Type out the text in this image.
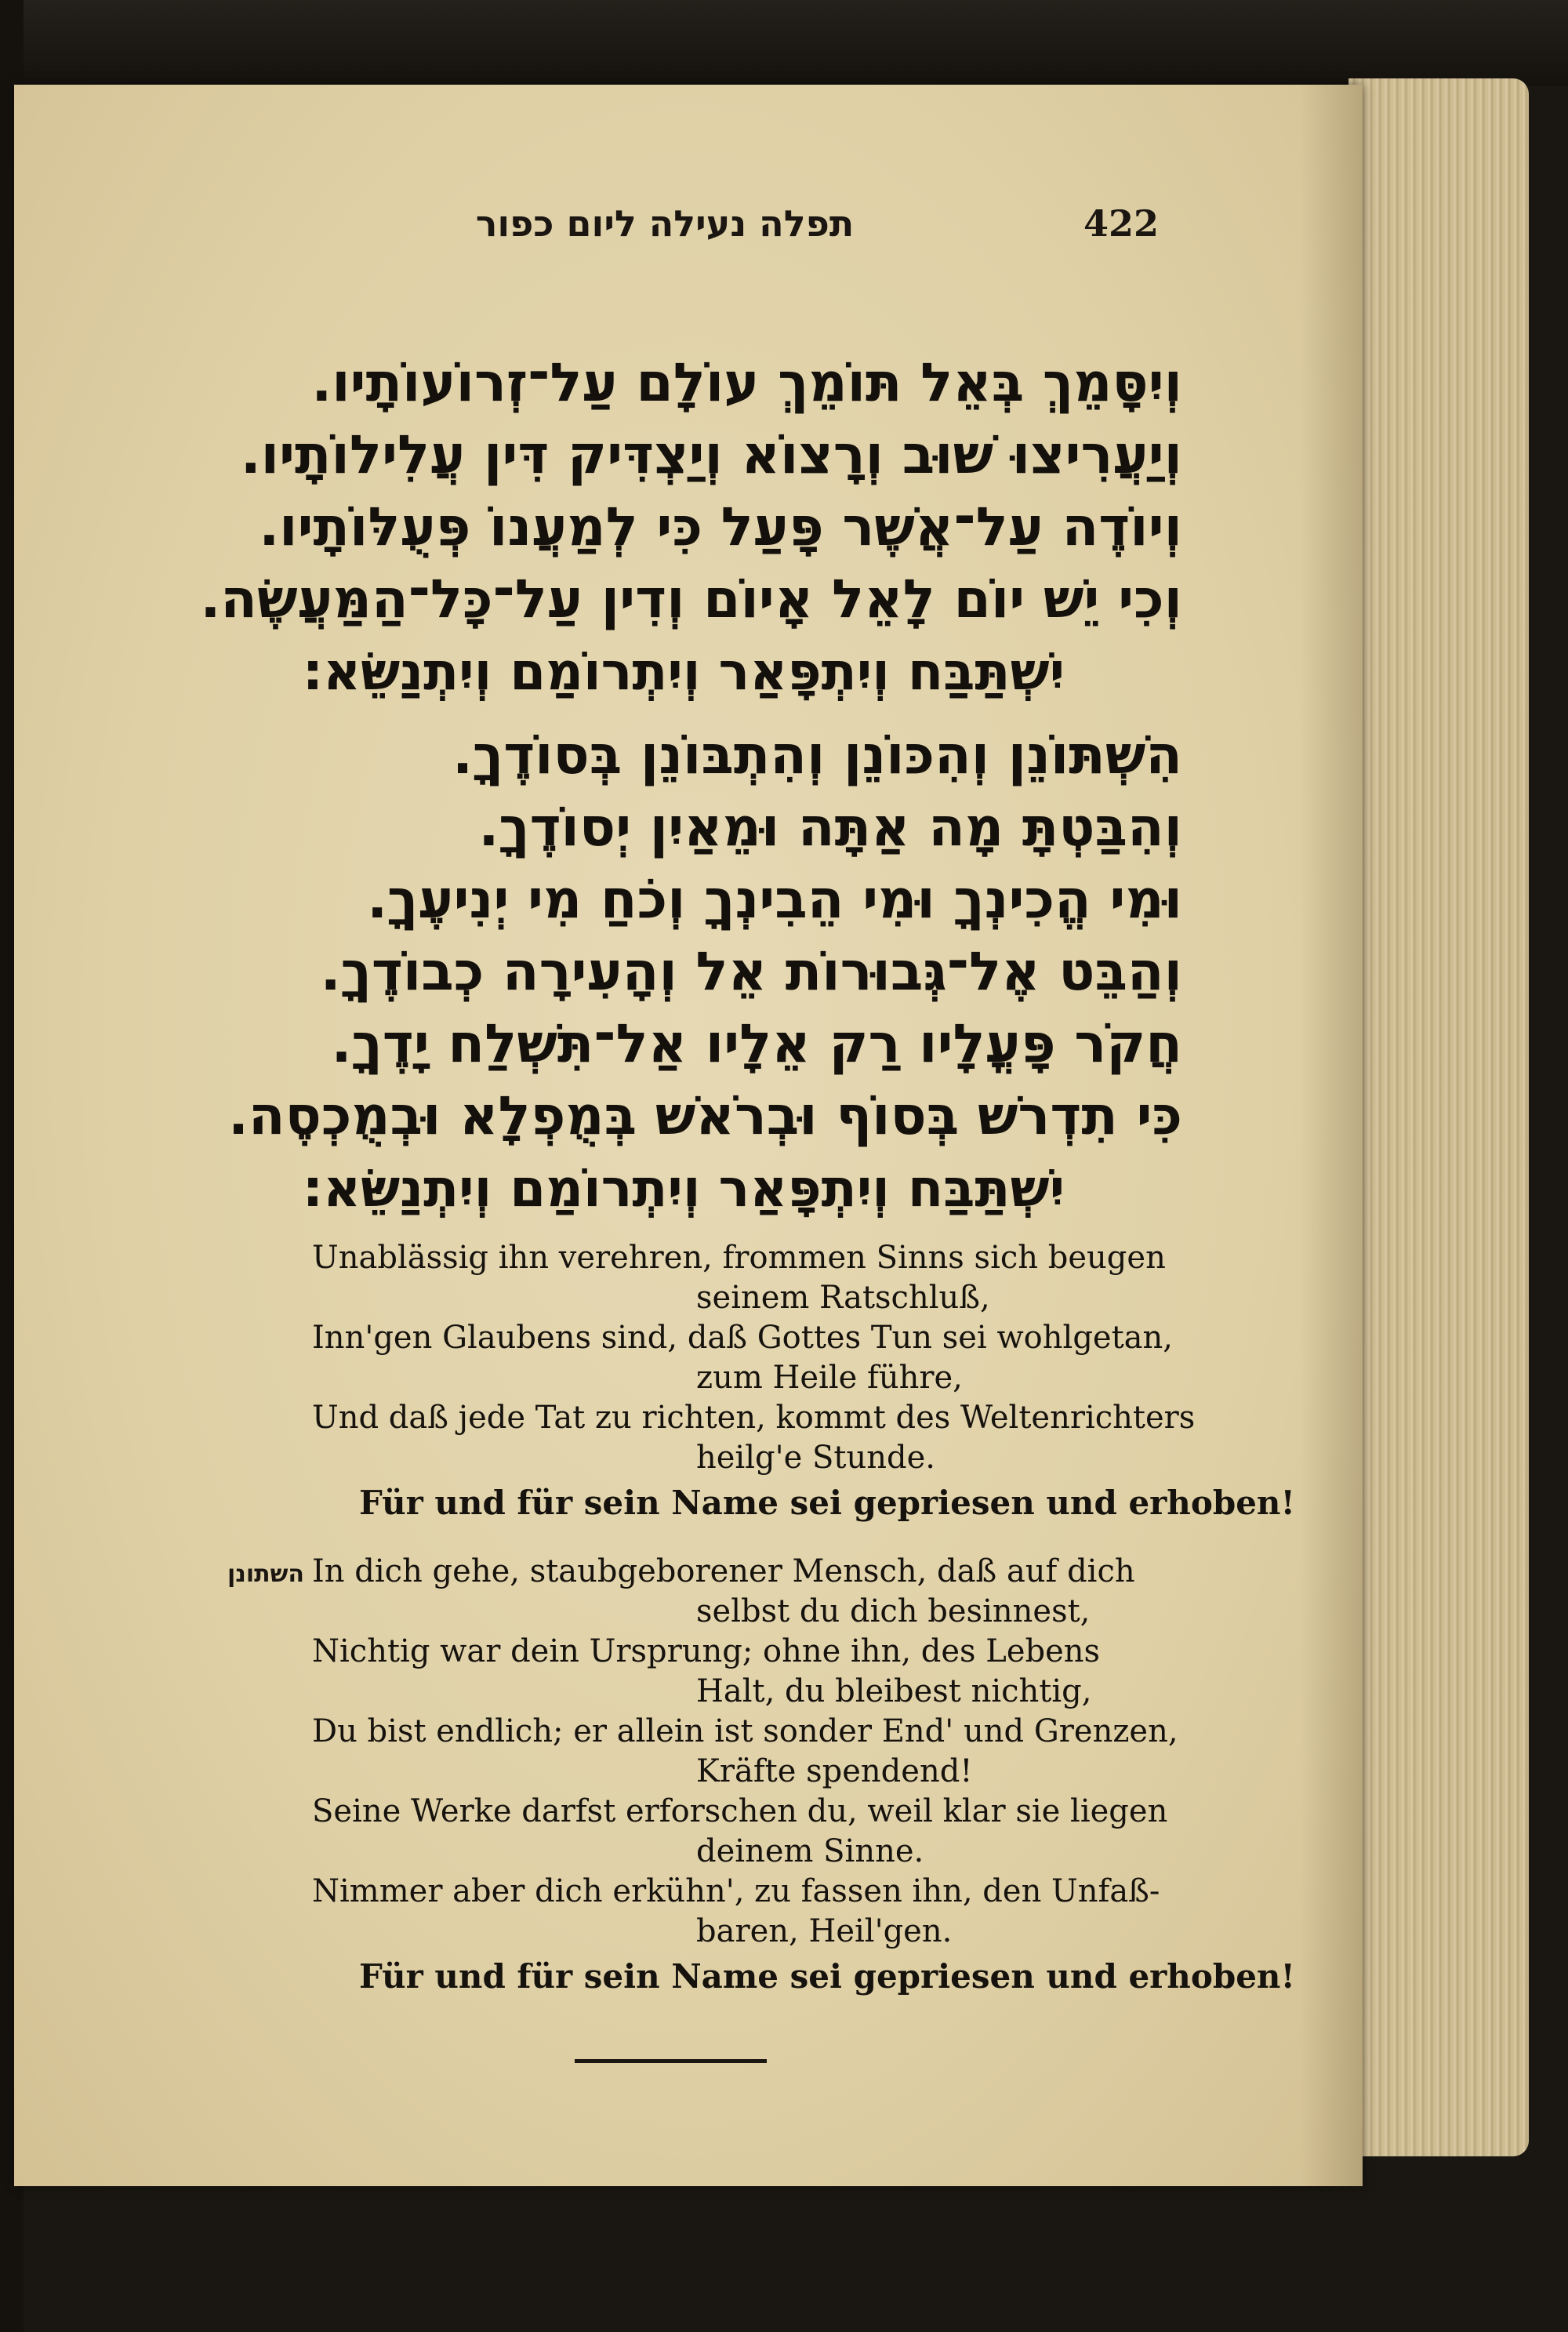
תפלה נעילה ליום כפור	422
וְיִסָּמֵךְ בְּאֵל תּוֹמֵךְ עוֹלָם עַל־זְרוֹעוֹתָיו.
וְיַעֲרִיצוּ שׁוּב וְרָצוֹא וְיַצְדִּיק דִּין עֲלִילוֹתָיו.
וְיוֹדֶה עַל־אֲשֶׁר פָּעַל כִּי לְמַעֲנוֹ פְּעֻלּוֹתָיו.
וְכִי יֵשׁ יוֹם לָאֵל אָיוֹם וְדִין עַל־כָּל־הַמַּעֲשֶׂה.
יִשְׁתַּבַּח וְיִתְפָּאַר וְיִתְרוֹמַם וְיִתְנַשֵּׂא:
הִשְׁתּוֹנֵן וְהִכּוֹנֵן וְהִתְבּוֹנֵן בְּסוֹדֶךָ.
וְהִבַּטְתָּ מָה אַתָּה וּמֵאַיִן יְסוֹדֶךָ.
וּמִי הֱכִינְךָ וּמִי הֵבִינְךָ וְכֹחַ מִי יְנִיעֶךָ.
וְהַבֵּט אֶל־גְּבוּרוֹת אֵל וְהָעִירָה כְבוֹדֶךָ.
חֲקֹר פָּעֳלָיו רַק אֵלָיו אַל־תִּשְׁלַח יָדֶךָ.
כִּי תִדְרשׁ בְּסוֹף וּבְרֹאשׁ בְּמֻפְלָא וּבְמֻכְסֶה.
יִשְׁתַּבַּח וְיִתְפָּאַר וְיִתְרוֹמַם וְיִתְנַשֵּׂא:
Unablässig ihn verehren, frommen Sinns sich beugen
seinem Ratschluß,
Inn'gen Glaubens sind, daß Gottes Tun sei wohlgetan,
zum Heile führe,
Und daß jede Tat zu richten, kommt des Weltenrichters
heilg'e Stunde.
Für und für sein Name sei gepriesen und erhoben!
השתונן In dich gehe, staubgeborener Mensch, daß auf dich
selbst du dich besinnest,
Nichtig war dein Ursprung; ohne ihn, des Lebens
Halt, du bleibest nichtig,
Du bist endlich; er allein ist sonder End' und Grenzen,
Kräfte spendend!
Seine Werke darfst erforschen du, weil klar sie liegen
deinem Sinne.
Nimmer aber dich erkühn', zu fassen ihn, den Unfaß-
baren, Heil'gen.
Für und für sein Name sei gepriesen und erhoben!
